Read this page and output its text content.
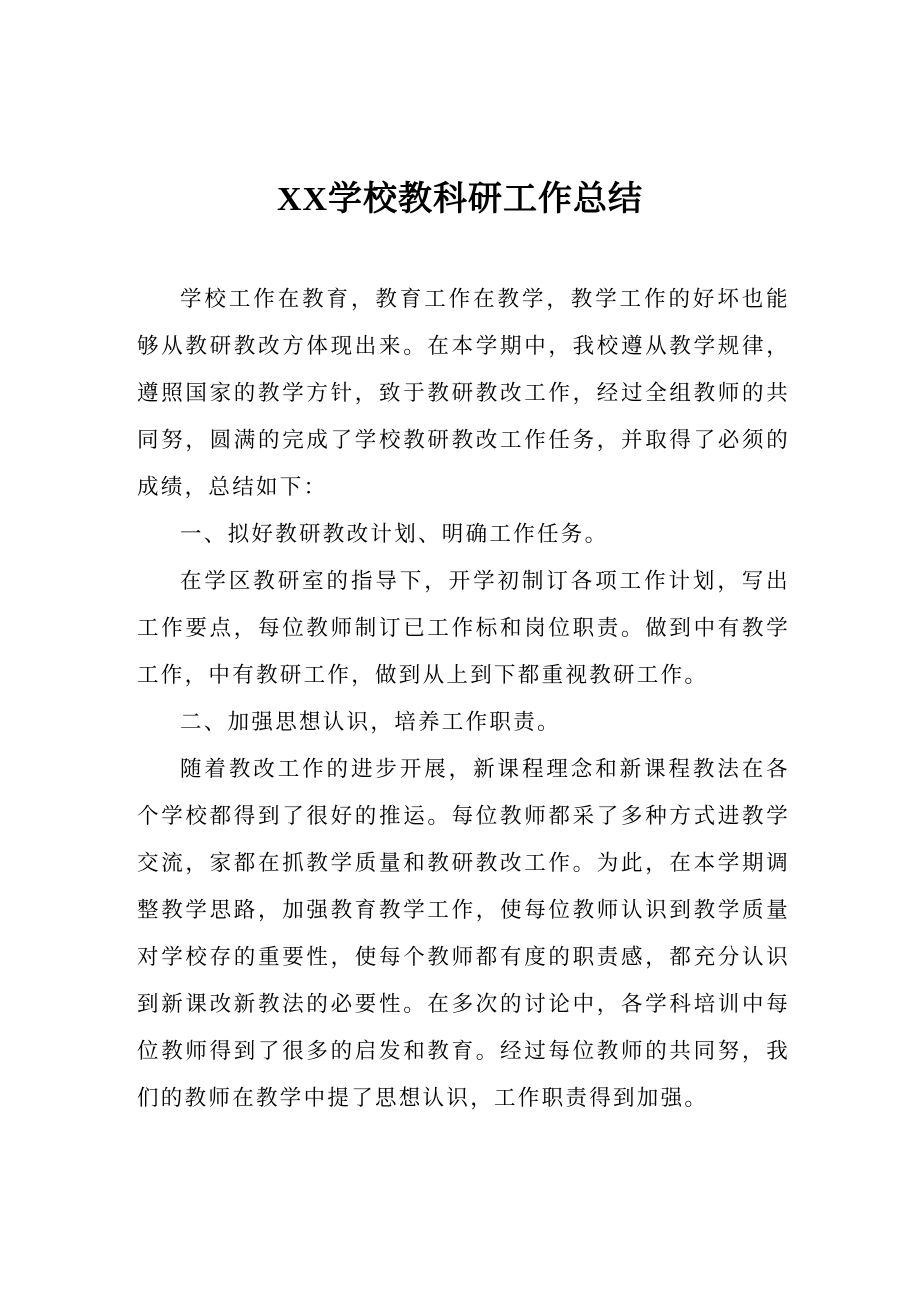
XX学校教科研工作总结

学校工作在教育，教育工作在教学，教学工作的好坏也能够从教研教改方体现出来。在本学期中，我校遵从教学规律，遵照国家的教学方针，致于教研教改工作，经过全组教师的共同努，圆满的完成了学校教研教改工作任务，并取得了必须的成绩，总结如下：

一、拟好教研教改计划、明确工作任务。

在学区教研室的指导下，开学初制订各项工作计划，写出工作要点，每位教师制订已工作标和岗位职责。做到中有教学工作，中有教研工作，做到从上到下都重视教研工作。

二、加强思想认识，培养工作职责。

随着教改工作的进步开展，新课程理念和新课程教法在各个学校都得到了很好的推运。每位教师都采了多种方式进教学交流，家都在抓教学质量和教研教改工作。为此，在本学期调整教学思路，加强教育教学工作，使每位教师认识到教学质量对学校存的重要性，使每个教师都有度的职责感，都充分认识到新课改新教法的必要性。在多次的讨论中，各学科培训中每位教师得到了很多的启发和教育。经过每位教师的共同努，我们的教师在教学中提了思想认识，工作职责得到加强。
